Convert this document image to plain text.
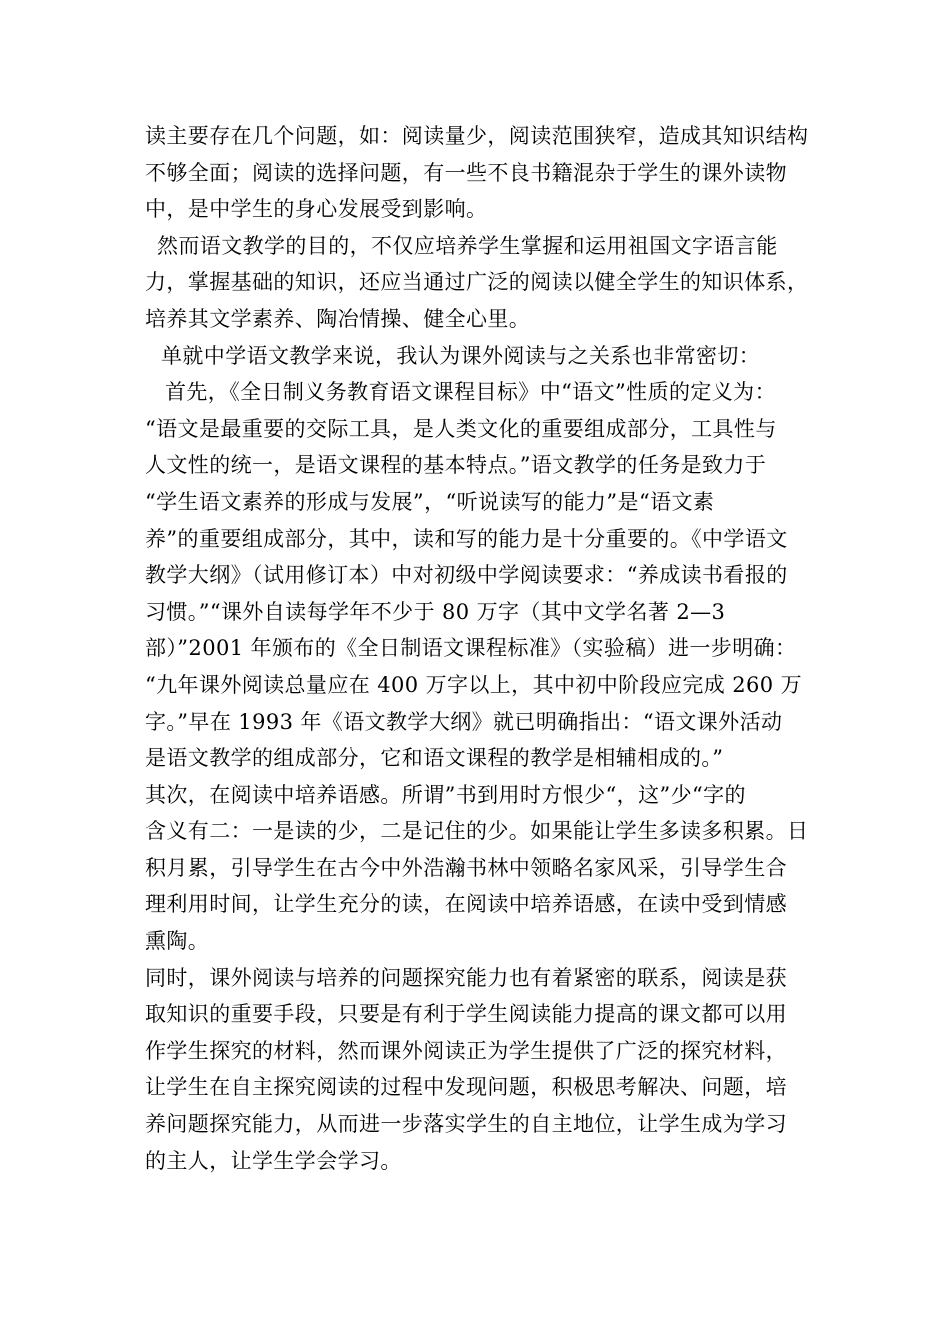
读主要存在几个问题，如：阅读量少，阅读范围狭窄，造成其知识结构
不够全面；阅读的选择问题，有一些不良书籍混杂于学生的课外读物
中，是中学生的身心发展受到影响。

然而语文教学的目的，不仅应培养学生掌握和运用祖国文字语言能
力，掌握基础的知识，还应当通过广泛的阅读以健全学生的知识体系，
培养其文学素养、陶冶情操、健全心里。

单就中学语文教学来说，我认为课外阅读与之关系也非常密切：

首先，《全日制义务教育语文课程目标》中“语文”性质的定义为：
“语文是最重要的交际工具，是人类文化的重要组成部分，工具性与
人文性的统一，是语文课程的基本特点。”语文教学的任务是致力于
“学生语文素养的形成与发展”，“听说读写的能力”是“语文素
养”的重要组成部分，其中，读和写的能力是十分重要的。《中学语文
教学大纲》（试用修订本）中对初级中学阅读要求：“养成读书看报的
习惯。”“课外自读每学年不少于 80 万字（其中文学名著 2—3
部）”2001 年颁布的《全日制语文课程标准》（实验稿）进一步明确：
“九年课外阅读总量应在 400 万字以上，其中初中阶段应完成 260 万
字。”早在 1993 年《语文教学大纲》就已明确指出：“语文课外活动
是语文教学的组成部分，它和语文课程的教学是相辅相成的。”

其次，在阅读中培养语感。所谓”书到用时方恨少“，这”少“字的
含义有二：一是读的少，二是记住的少。如果能让学生多读多积累。日
积月累，引导学生在古今中外浩瀚书林中领略名家风采，引导学生合
理利用时间，让学生充分的读，在阅读中培养语感，在读中受到情感
熏陶。

同时，课外阅读与培养的问题探究能力也有着紧密的联系，阅读是获
取知识的重要手段，只要是有利于学生阅读能力提高的课文都可以用
作学生探究的材料，然而课外阅读正为学生提供了广泛的探究材料，
让学生在自主探究阅读的过程中发现问题，积极思考解决、问题，培
养问题探究能力，从而进一步落实学生的自主地位，让学生成为学习
的主人，让学生学会学习。
